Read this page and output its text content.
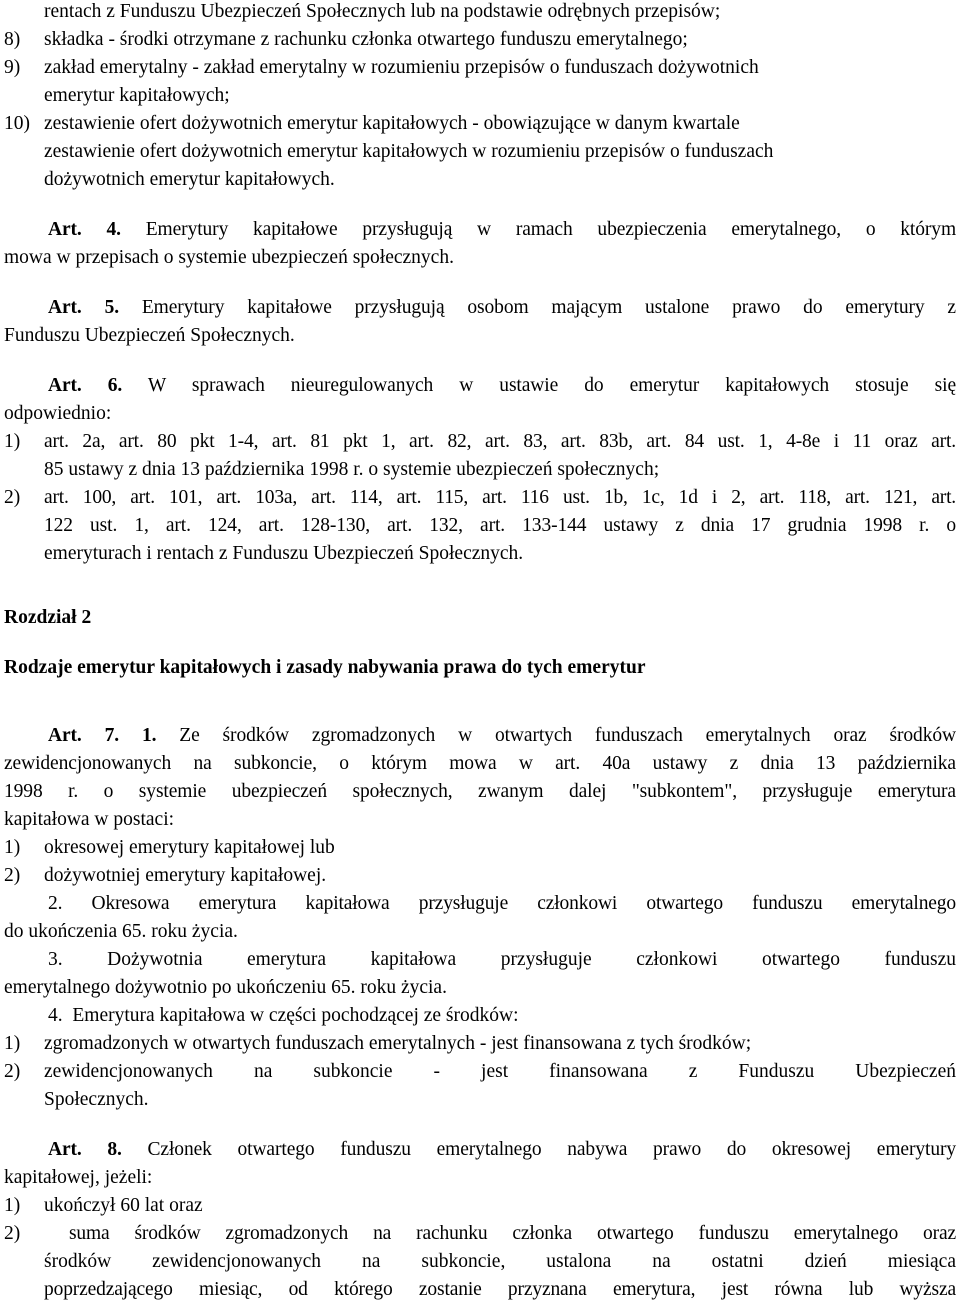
rentach z Funduszu Ubezpieczeń Społecznych lub na podstawie odrębnych przepisów;
8)	składka - środki otrzymane z rachunku członka otwartego funduszu emerytalnego;
9)	zakład emerytalny - zakład emerytalny w rozumieniu przepisów o funduszach dożywotnich
emerytur kapitałowych;
10) zestawienie ofert dożywotnich emerytur kapitałowych - obowiązujące w danym kwartale
zestawienie ofert dożywotnich emerytur kapitałowych w rozumieniu przepisów o funduszach
dożywotnich emerytur kapitałowych.
Art. 4. Emerytury kapitałowe przysługują w ramach ubezpieczenia emerytalnego, o którym
mowa w przepisach o systemie ubezpieczeń społecznych.
Art. 5. Emerytury kapitałowe przysługują osobom mającym ustalone prawo do emerytury z
Funduszu Ubezpieczeń Społecznych.
Art. 6. W sprawach nieuregulowanych w ustawie do emerytur kapitałowych stosuje się
odpowiednio:
1)	art. 2a, art. 80 pkt 1-4, art. 81 pkt 1, art. 82, art. 83, art. 83b, art. 84 ust. 1, 4-8e i 11 oraz art.
85 ustawy z dnia 13 października 1998 r. o systemie ubezpieczeń społecznych;
2)	art. 100, art. 101, art. 103a, art. 114, art. 115, art. 116 ust. 1b, 1c, 1d i 2, art. 118, art. 121, art.
122 ust. 1, art. 124, art. 128-130, art. 132, art. 133-144 ustawy z dnia 17 grudnia 1998 r. o
emeryturach i rentach z Funduszu Ubezpieczeń Społecznych.
Rozdział 2
Rodzaje emerytur kapitałowych i zasady nabywania prawa do tych emerytur
Art. 7. 1. Ze środków zgromadzonych w otwartych funduszach emerytalnych oraz środków
zewidencjonowanych na subkoncie, o którym mowa w art. 40a ustawy z dnia 13 października
1998 r. o systemie ubezpieczeń społecznych, zwanym dalej "subkontem", przysługuje emerytura
kapitałowa w postaci:
1)	okresowej emerytury kapitałowej lub
2)	dożywotniej emerytury kapitałowej.
2. Okresowa emerytura kapitałowa przysługuje członkowi otwartego funduszu emerytalnego
do ukończenia 65. roku życia.
3. Dożywotnia emerytura kapitałowa przysługuje członkowi otwartego funduszu
emerytalnego dożywotnio po ukończeniu 65. roku życia.
4.  Emerytura kapitałowa w części pochodzącej ze środków:
1)	zgromadzonych w otwartych funduszach emerytalnych - jest finansowana z tych środków;
2)	zewidencjonowanych na subkoncie - jest finansowana z Funduszu Ubezpieczeń
Społecznych.
Art. 8. Członek otwartego funduszu emerytalnego nabywa prawo do okresowej emerytury
kapitałowej, jeżeli:
1)	ukończył 60 lat oraz
2)	suma środków zgromadzonych na rachunku członka otwartego funduszu emerytalnego oraz
środków zewidencjonowanych na subkoncie, ustalona na ostatni dzień miesiąca
poprzedzającego miesiąc, od którego zostanie przyznana emerytura, jest równa lub wyższa
